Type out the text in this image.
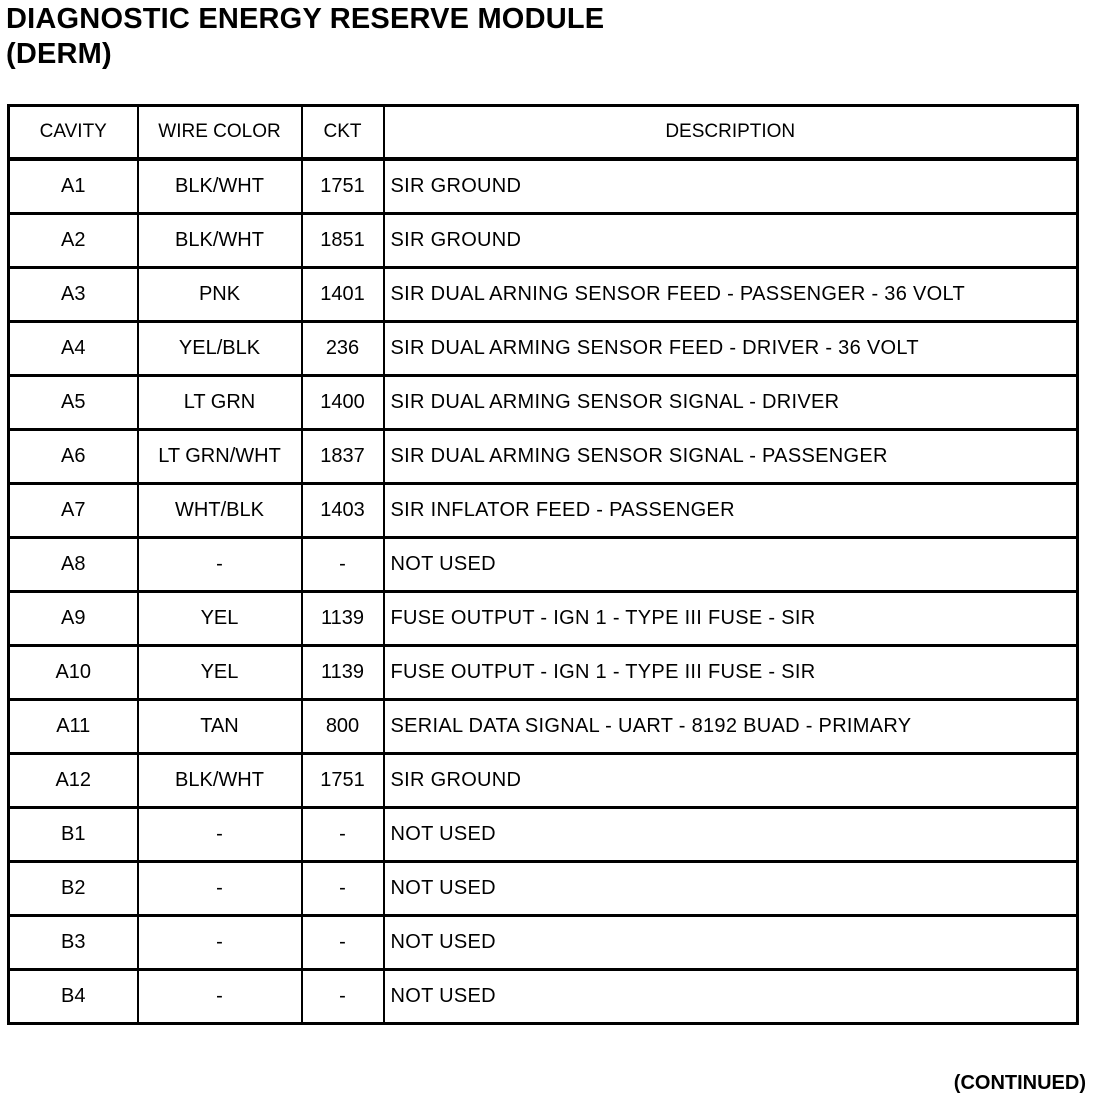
DIAGNOSTIC ENERGY RESERVE MODULE
(DERM)
CAVITY	WIRE COLOR	CKT	DESCRIPTION
A1	BLK/WHT	1751	SIR GROUND
A2	BLK/WHT	1851	SIR GROUND
A3	PNK	1401	SIR DUAL ARNING SENSOR FEED - PASSENGER - 36 VOLT
A4	YEL/BLK	236	SIR DUAL ARMING SENSOR FEED - DRIVER - 36 VOLT
A5	LT GRN	1400	SIR DUAL ARMING SENSOR SIGNAL - DRIVER
A6	LT GRN/WHT	1837	SIR DUAL ARMING SENSOR SIGNAL - PASSENGER
A7	WHT/BLK	1403	SIR INFLATOR FEED - PASSENGER
A8	-	-	NOT USED
A9	YEL	1139	FUSE OUTPUT - IGN 1 - TYPE III FUSE - SIR
A10	YEL	1139	FUSE OUTPUT - IGN 1 - TYPE III FUSE - SIR
A11	TAN	800	SERIAL DATA SIGNAL - UART - 8192 BUAD - PRIMARY
A12	BLK/WHT	1751	SIR GROUND
B1	-	-	NOT USED
B2	-	-	NOT USED
B3	-	-	NOT USED
B4	-	-	NOT USED
(CONTINUED)
